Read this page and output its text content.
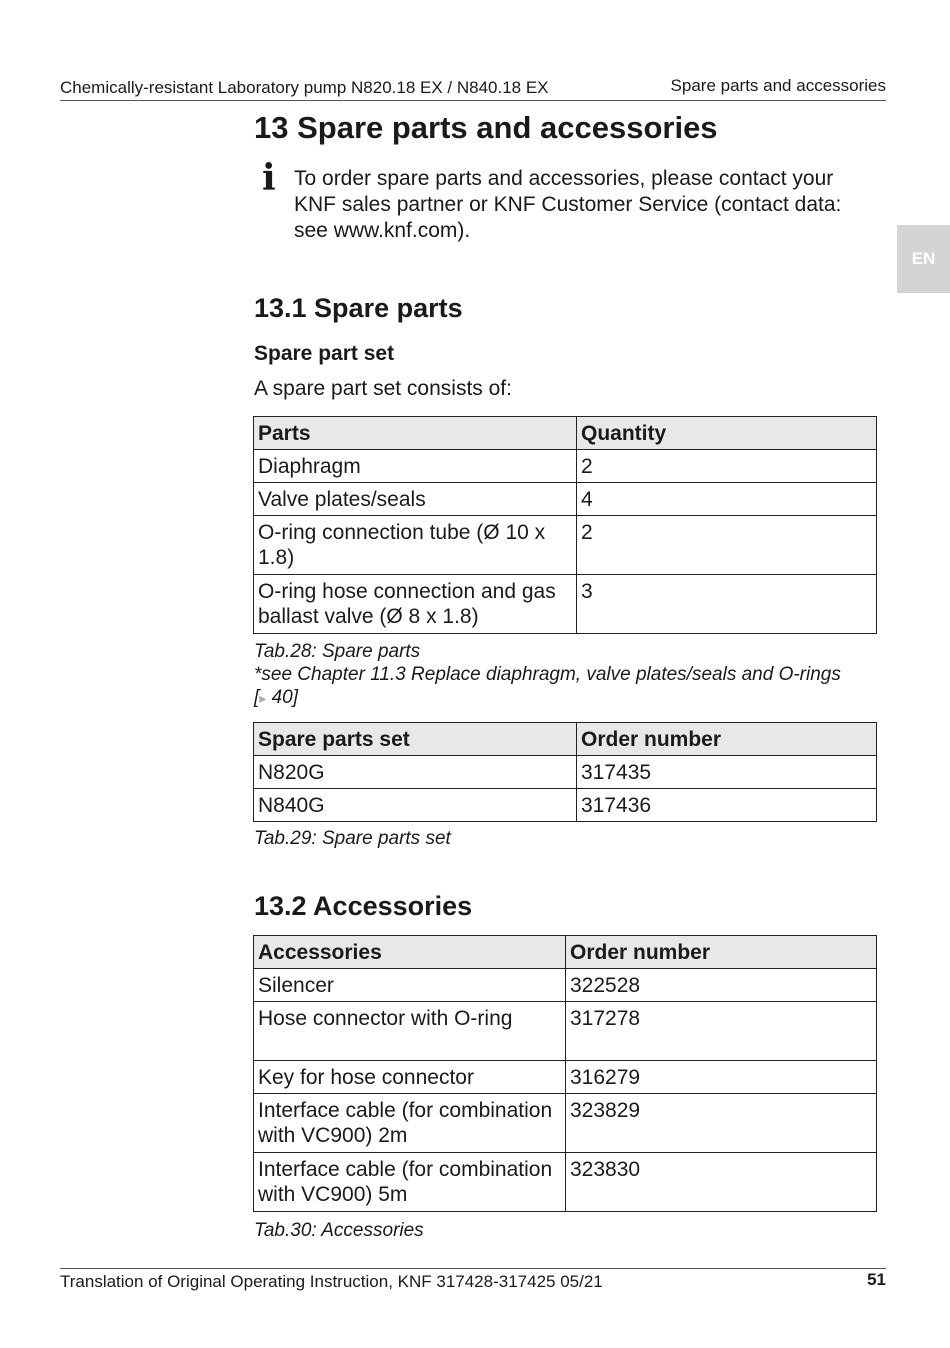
Chemically-resistant Laboratory pump N820.18 EX / N840.18 EX	Spare parts and accessories
EN
13 Spare parts and accessories
i To order spare parts and accessories, please contact your KNF sales partner or KNF Customer Service (contact data: see www.knf.com).
13.1 Spare parts
Spare part set
A spare part set consists of:
Parts	Quantity
Diaphragm	2
Valve plates/seals	4
O-ring connection tube (Ø 10 x 1.8)	2
O-ring hose connection and gas ballast valve (Ø 8 x 1.8)	3
Tab.28: Spare parts
*see Chapter 11.3 Replace diaphragm, valve plates/seals and O-rings [▸ 40]
Spare parts set	Order number
N820G	317435
N840G	317436
Tab.29: Spare parts set
13.2 Accessories
Accessories	Order number
Silencer	322528
Hose connector with O-ring	317278
Key for hose connector	316279
Interface cable (for combination with VC900) 2m	323829
Interface cable (for combination with VC900) 5m	323830
Tab.30: Accessories
Translation of Original Operating Instruction, KNF 317428-317425 05/21	51
